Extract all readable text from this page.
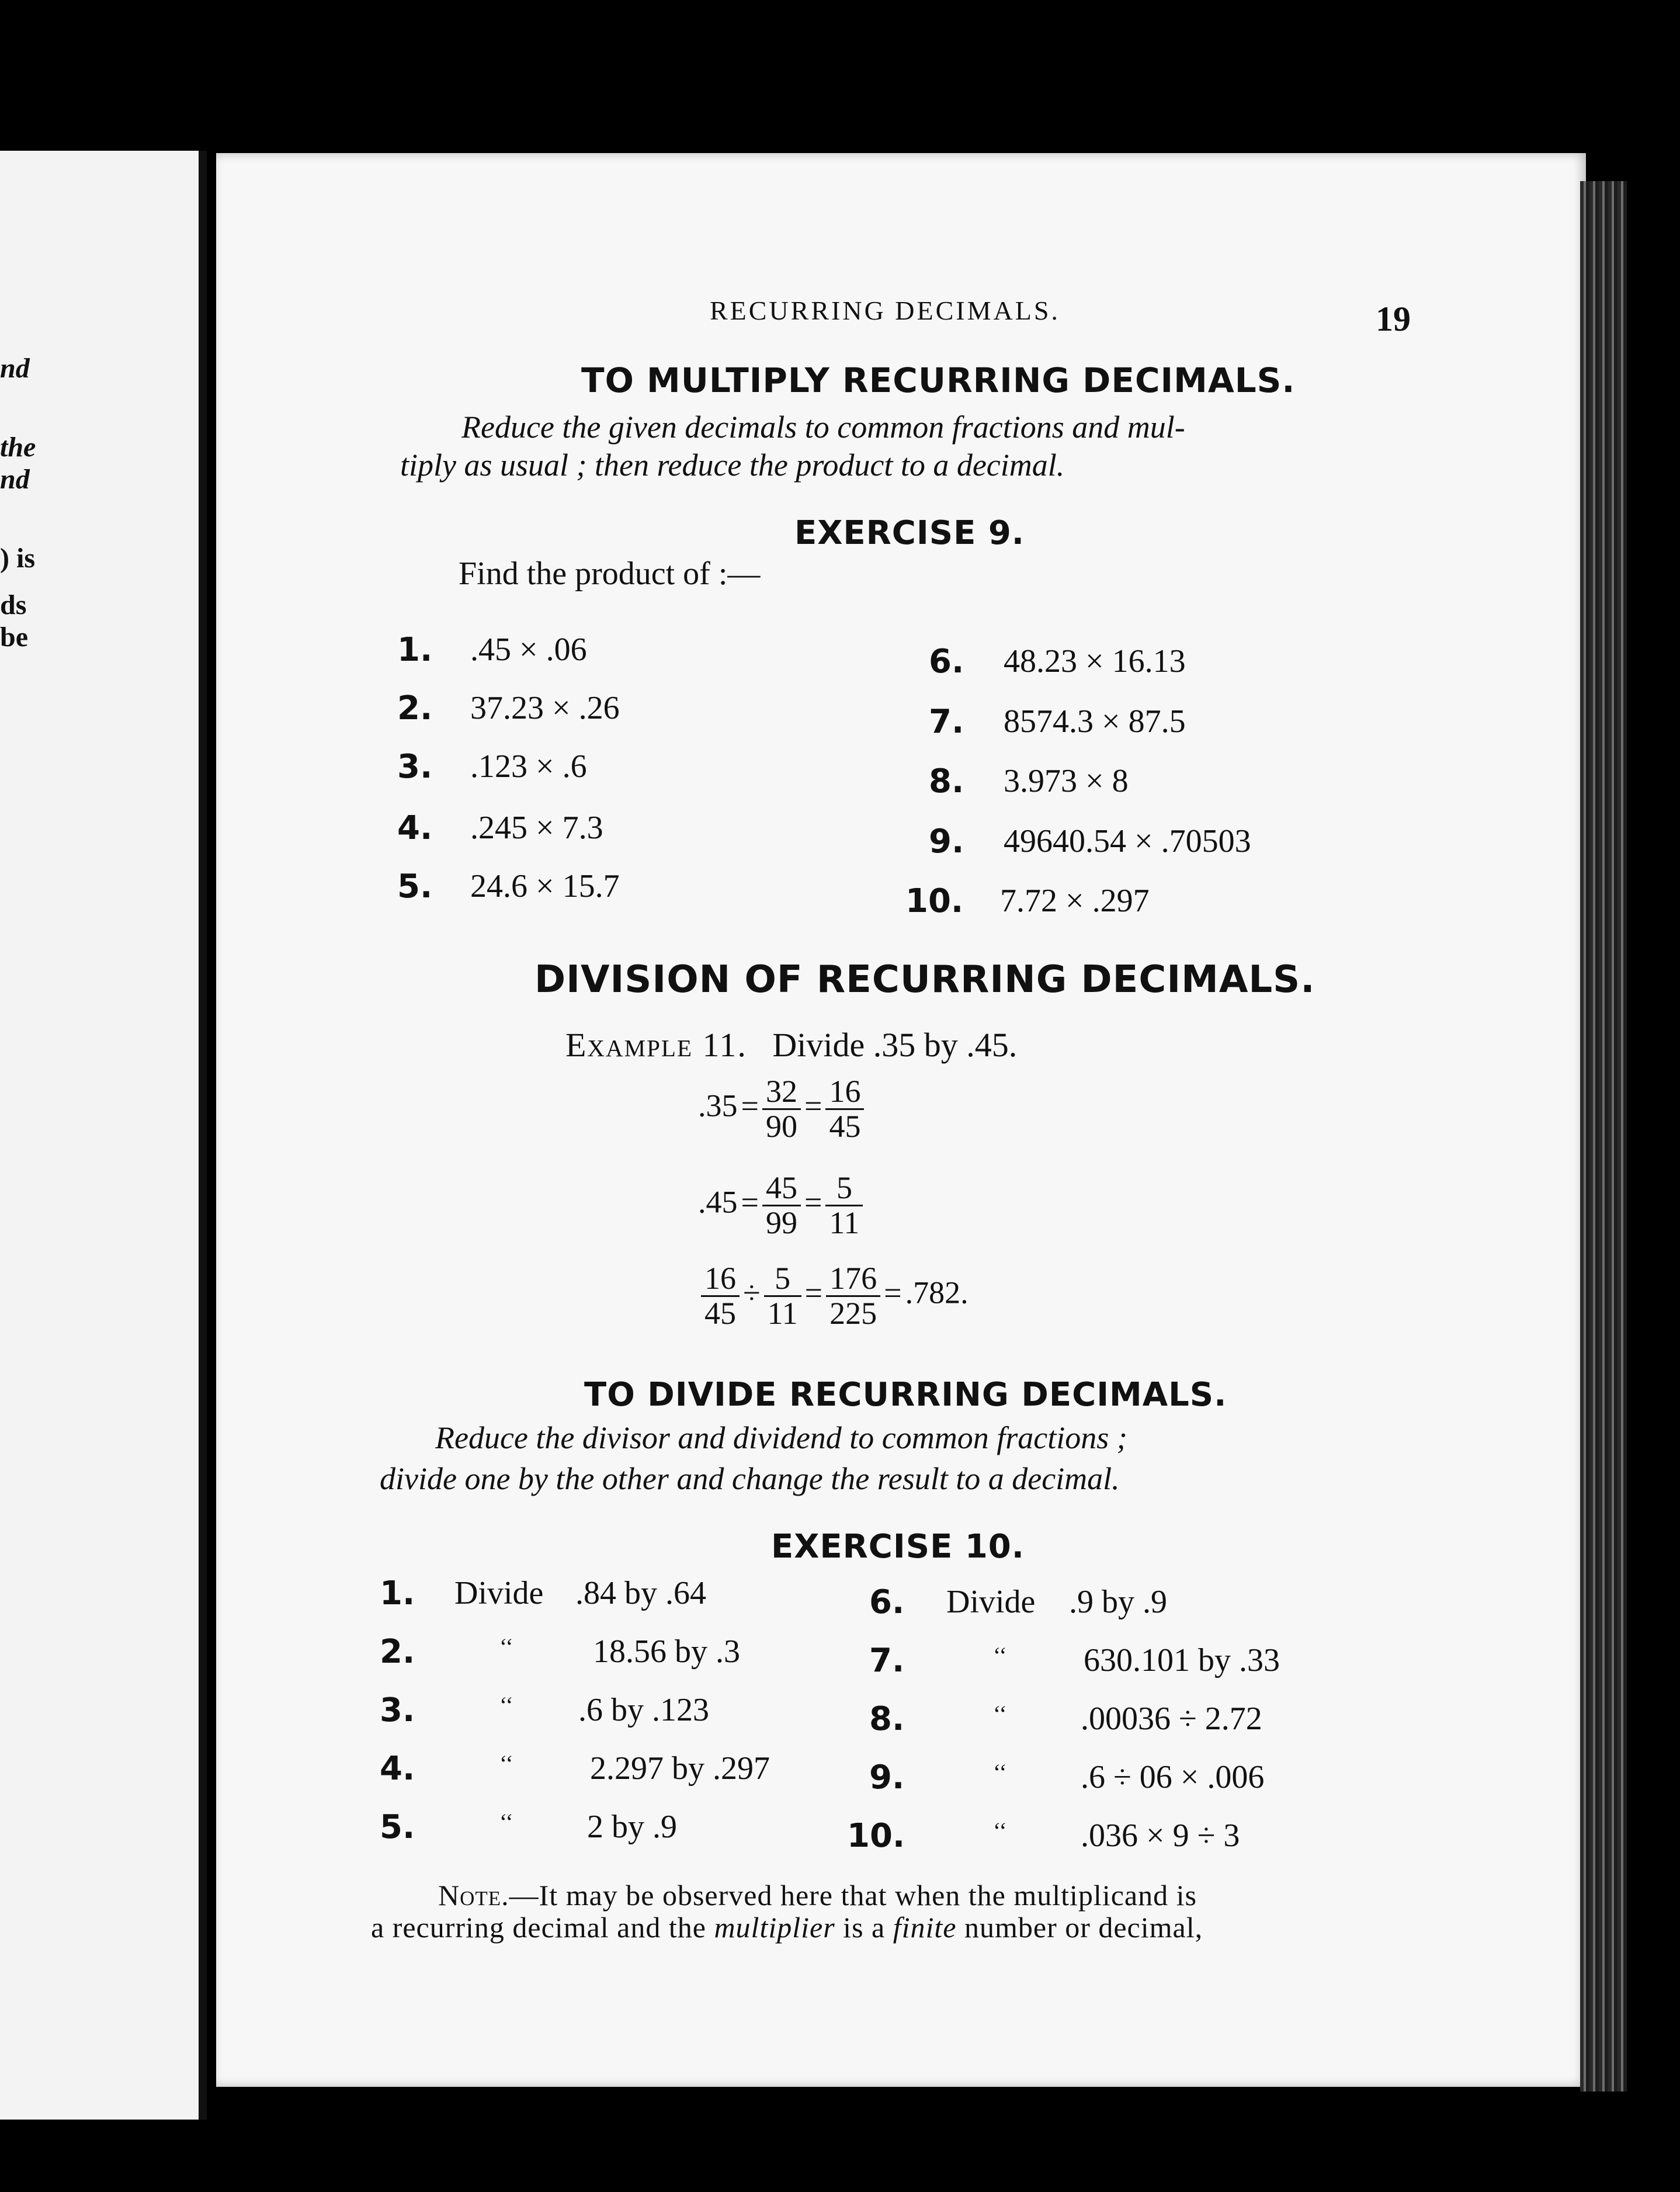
nd
the
nd
) is
ds
be
RECURRING DECIMALS.	19
TO MULTIPLY RECURRING DECIMALS.
Reduce the given decimals to common fractions and mul-
tiply as usual ; then reduce the product to a decimal.
EXERCISE 9.
Find the product of :—
1. .45 × .06
2. 37.23 × .26
3. .123 × .6
4. .245 × 7.3
5. 24.6 × 15.7
6. 48.23 × 16.13
7. 8574.3 × 87.5
8. 3.973 × 8
9. 49640.54 × .70503
10. 7.72 × .297
DIVISION OF RECURRING DECIMALS.
Example 11. Divide .35 by .45.
$.35 = \frac{32}{90} = \frac{16}{45}$
$.45 = \frac{45}{99} = \frac{5}{11}$
$\frac{16}{45} \div \frac{5}{11} = \frac{176}{225} = .782$.
TO DIVIDE RECURRING DECIMALS.
Reduce the divisor and dividend to common fractions ;
divide one by the other and change the result to a decimal.
EXERCISE 10.
1. Divide .84 by .64
2.	‘‘ 18.56 by .3
3.	‘‘ .6 by .123
4.	‘‘ 2.297 by .297
5.	‘‘ 2 by .9
6. Divide .9 by .9
7.	‘‘ 630.101 by .33
8.	‘‘ .00036 ÷ 2.72
9.	‘‘ .6 ÷ 06 × .006
10.	‘‘ .036 × 9 ÷ 3
Note.—It may be observed here that when the multiplicand is
a recurring decimal and the multiplier is a finite number or decimal,
